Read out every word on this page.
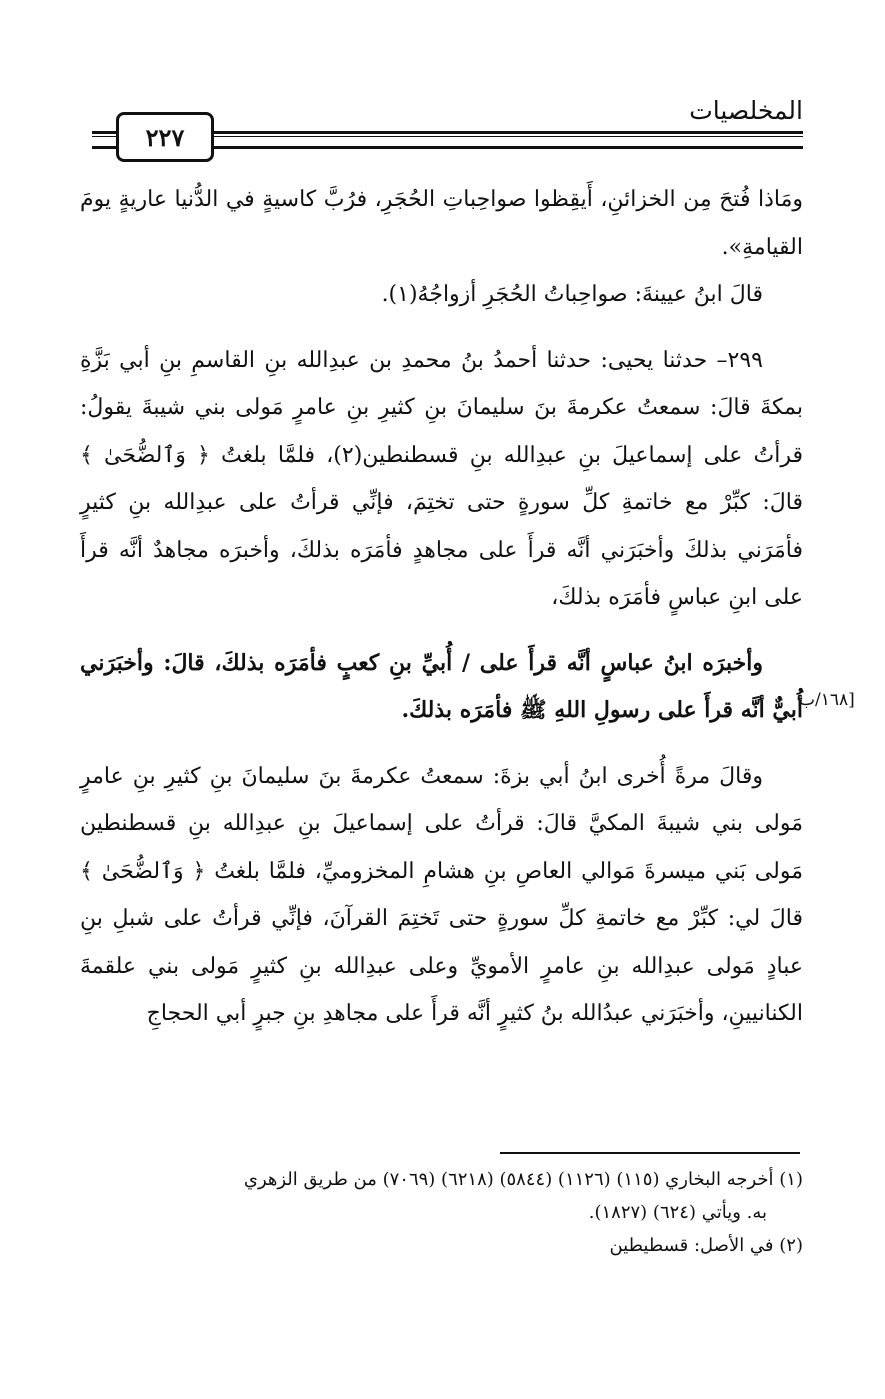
المخلصيات
٢٢٧

ومَاذا فُتحَ مِن الخزائنِ، أَيقِظوا صواحِباتِ الحُجَرِ، فرُبَّ كاسيةٍ في الدُّنيا عاريةٍ يومَ القيامةِ».

قالَ ابنُ عيينةَ: صواحِباتُ الحُجَرِ أزواجُهُ(١).

٢٩٩– حدثنا يحيى: حدثنا أحمدُ بنُ محمدِ بن عبدِالله بنِ القاسمِ بنِ أبي بَزَّةِ بمكةَ قالَ: سمعتُ عكرمةَ بنَ سليمانَ بنِ كثيرِ بنِ عامرٍ مَولى بني شيبةَ يقولُ: قرأتُ على إسماعيلَ بنِ عبدِالله بنِ قسطنطين(٢)، فلمَّا بلغتُ ﴿ وَٱلضُّحَىٰ ﴾ قالَ: كبِّرْ مع خاتمةِ كلِّ سورةٍ حتى تختِمَ، فإنِّي قرأتُ على عبدِالله بنِ كثيرٍ فأمَرَني بذلكَ وأخبَرَني أنَّه قرأَ على مجاهدٍ فأمَرَه بذلكَ، وأخبرَه مجاهدٌ أنَّه قرأَ على ابنِ عباسٍ فأمَرَه بذلكَ،

وأخبرَه ابنُ عباسٍ أنَّه قرأَ على / أُبيِّ بنِ كعبٍ فأمَرَه بذلكَ، قالَ: وأخبَرَني أُبيٌّ أنَّه قرأَ على رسولِ اللهِ ﷺ فأمَرَه بذلكَ.

وقالَ مرةً أُخرى ابنُ أبي بزةَ: سمعتُ عكرمةَ بنَ سليمانَ بنِ كثيرِ بنِ عامرٍ مَولى بني شيبةَ المكيَّ قالَ: قرأتُ على إسماعيلَ بنِ عبدِالله بنِ قسطنطين مَولى بَني ميسرةَ مَوالي العاصِ بنِ هشامِ المخزوميِّ، فلمَّا بلغتُ ﴿ وَٱلضُّحَىٰ ﴾ قالَ لي: كبِّرْ مع خاتمةِ كلِّ سورةٍ حتى تَختِمَ القرآنَ، فإنِّي قرأتُ على شبلِ بنِ عبادٍ مَولى عبدِالله بنِ عامرٍ الأمويِّ وعلى عبدِالله بنِ كثيرٍ مَولى بني علقمةَ الكنانيينِ، وأخبَرَني عبدُالله بنُ كثيرٍ أنَّه قرأَ على مجاهدِ بنِ جبرٍ أبي الحجاجِ

[١٦٨/ب

(١) أخرجه البخاري (١١٥) (١١٢٦) (٥٨٤٤) (٦٢١٨) (٧٠٦٩) من طريق الزهري

به. ويأتي (٦٢٤) (١٨٢٧).

(٢) في الأصل: قسطيطين
